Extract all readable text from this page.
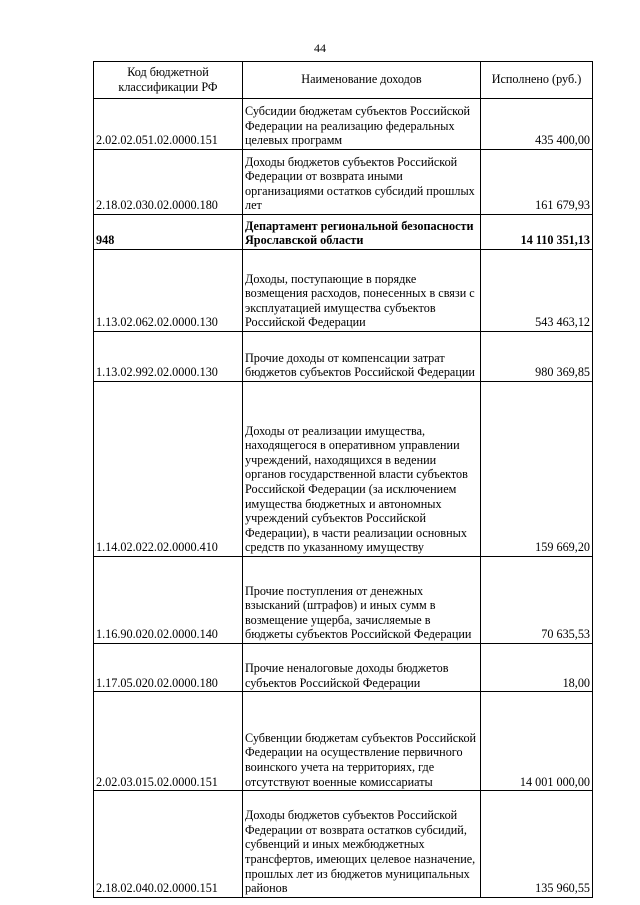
44
Код бюджетной классификации РФ	Наименование доходов	Исполнено (руб.)
2.02.02.051.02.0000.151	Субсидии бюджетам субъектов Российской Федерации на реализацию федеральных целевых программ	435 400,00
2.18.02.030.02.0000.180	Доходы бюджетов субъектов Российской Федерации от возврата иными организациями остатков субсидий прошлых лет	161 679,93
948	Департамент региональной безопасности Ярославской области	14 110 351,13
1.13.02.062.02.0000.130	Доходы, поступающие в порядке возмещения расходов, понесенных в связи с эксплуатацией имущества субъектов Российской Федерации	543 463,12
1.13.02.992.02.0000.130	Прочие доходы от компенсации затрат бюджетов субъектов Российской Федерации	980 369,85
1.14.02.022.02.0000.410	Доходы от реализации имущества, находящегося в оперативном управлении учреждений, находящихся в ведении органов государственной власти субъектов Российской Федерации (за исключением имущества бюджетных и автономных учреждений субъектов Российской Федерации), в части реализации основных средств по указанному имуществу	159 669,20
1.16.90.020.02.0000.140	Прочие поступления от денежных взысканий (штрафов) и иных сумм в возмещение ущерба, зачисляемые в бюджеты субъектов Российской Федерации	70 635,53
1.17.05.020.02.0000.180	Прочие неналоговые доходы бюджетов субъектов Российской Федерации	18,00
2.02.03.015.02.0000.151	Субвенции бюджетам субъектов Российской Федерации на осуществление первичного воинского учета на территориях, где отсутствуют военные комиссариаты	14 001 000,00
2.18.02.040.02.0000.151	Доходы бюджетов субъектов Российской Федерации от возврата остатков субсидий, субвенций и иных межбюджетных трансфертов, имеющих целевое назначение, прошлых лет из бюджетов муниципальных районов	135 960,55
